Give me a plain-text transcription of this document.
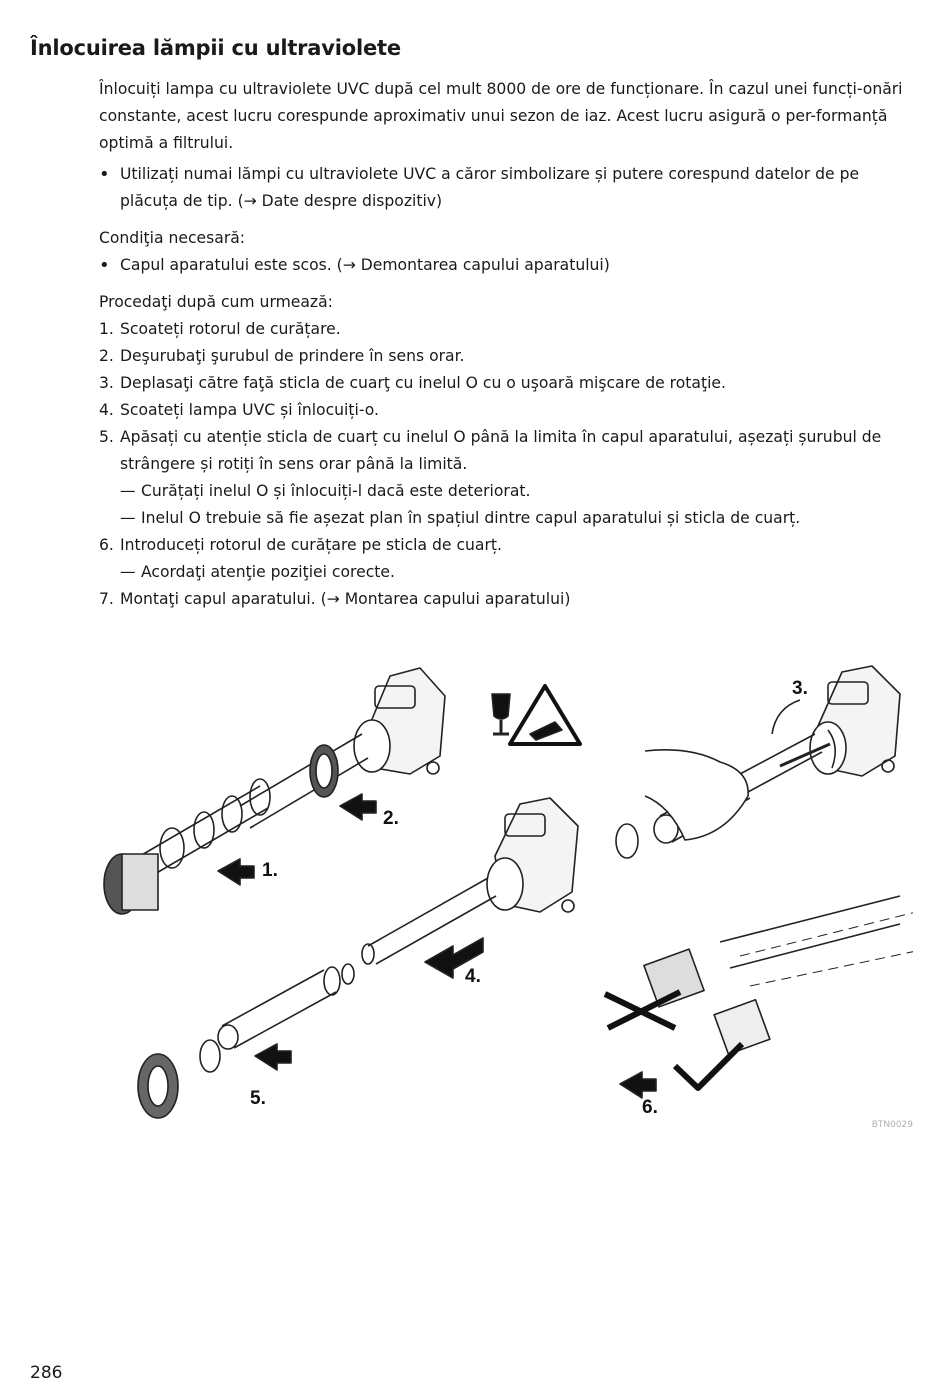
Înlocuirea lămpii cu ultraviolete

Înlocuiți lampa cu ultraviolete UVC după cel mult 8000 de ore de funcționare. În cazul unei funcți-onări constante, acest lucru corespunde aproximativ unui sezon de iaz. Acest lucru asigură o per-formanță optimă a filtrului.

• Utilizați numai lămpi cu ultraviolete UVC a căror simbolizare și putere corespund datelor de pe plăcuța de tip. (→ Date despre dispozitiv)

Condiţia necesară:

• Capul aparatului este scos. (→ Demontarea capului aparatului)

Procedaţi după cum urmează:

1. Scoateți rotorul de curățare.
2. Deşurubaţi şurubul de prindere în sens orar.
3. Deplasaţi către faţă sticla de cuarţ cu inelul O cu o uşoară mişcare de rotaţie.
4. Scoateți lampa UVC și înlocuiți-o.
5. Apăsați cu atenție sticla de cuarț cu inelul O până la limita în capul aparatului, așezați șurubul de strângere și rotiți în sens orar până la limită.
— Curățați inelul O și înlocuiți-l dacă este deteriorat.
— Inelul O trebuie să fie așezat plan în spațiul dintre capul aparatului și sticla de cuarț.
6. Introduceți rotorul de curățare pe sticla de cuarț.
— Acordaţi atenţie poziţiei corecte.
7. Montaţi capul aparatului. (→ Montarea capului aparatului)
1.
2.
3.
4.
5.	6.
BTN0029
286
